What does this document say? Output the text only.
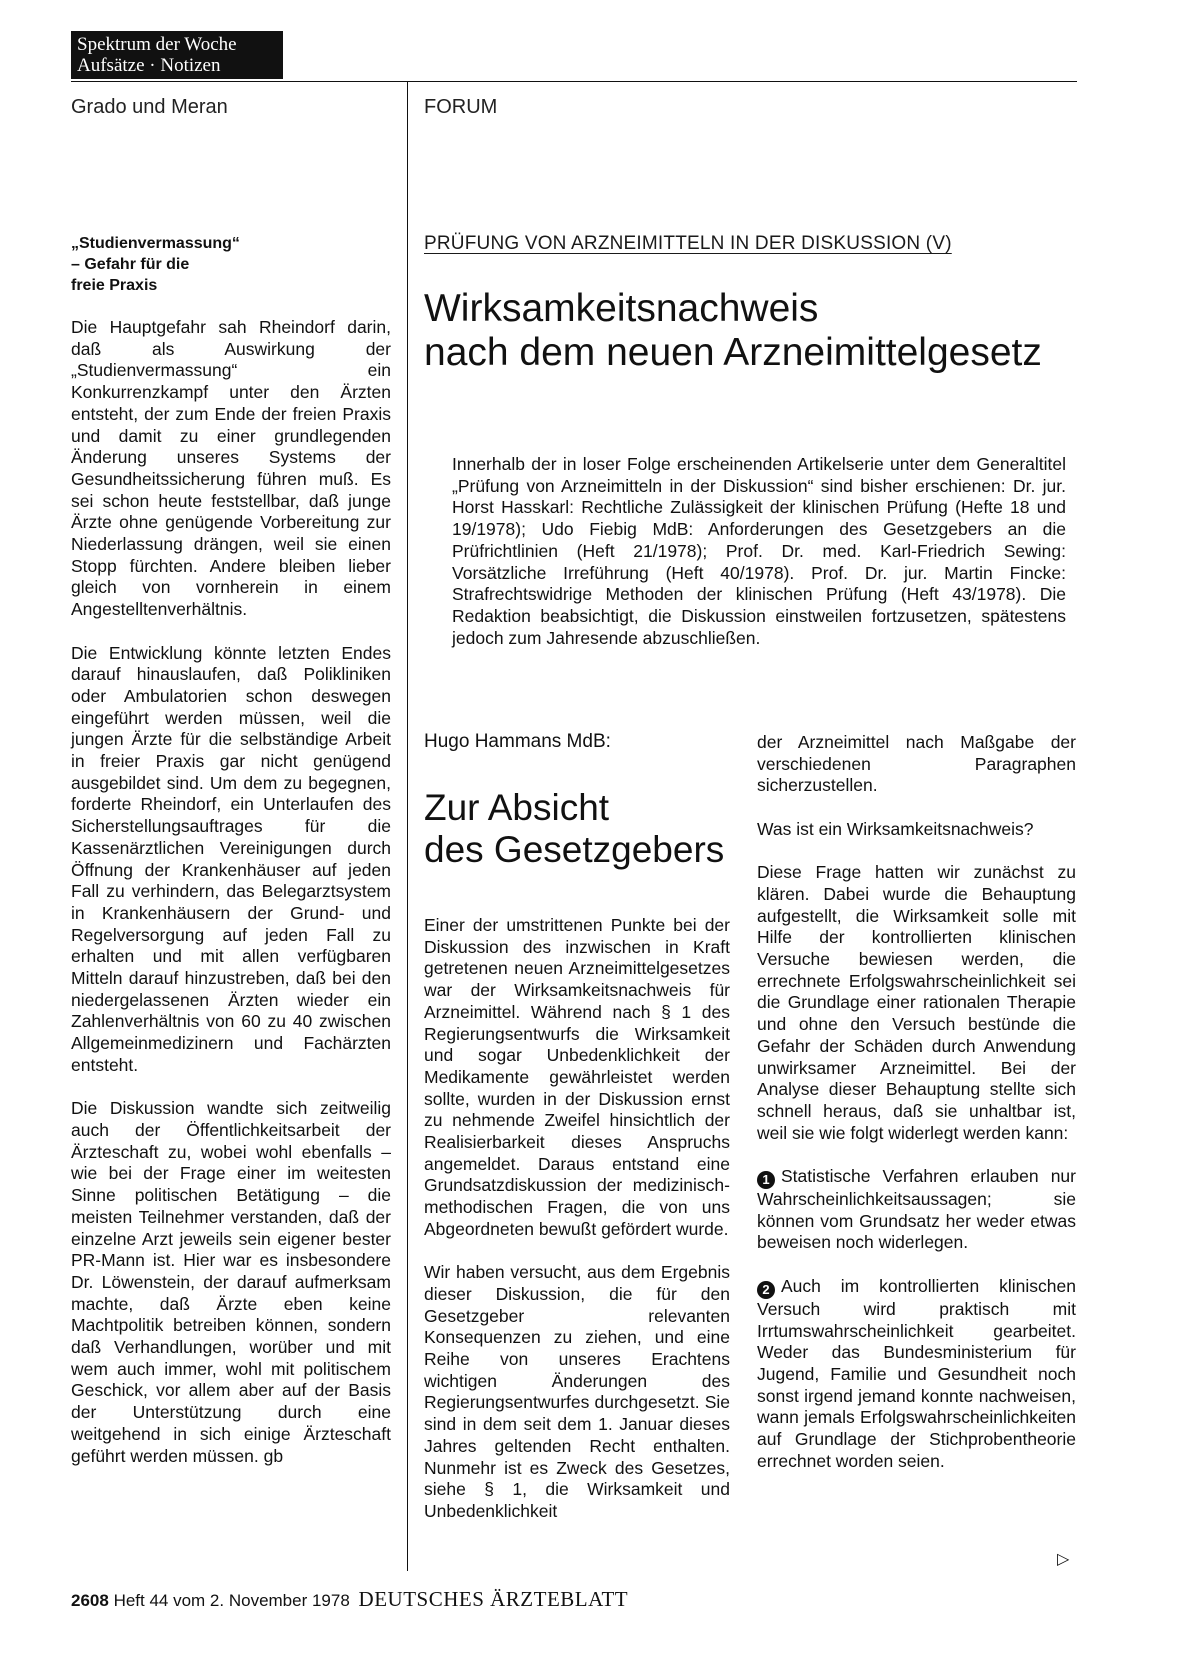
Spektrum der Woche
Aufsätze · Notizen
Grado und Meran	FORUM
„Studienvermassung“
– Gefahr für die
freie Praxis

Die Hauptgefahr sah Rheindorf darin, daß als Auswirkung der „Studienvermassung“ ein Konkurrenzkampf unter den Ärzten entsteht, der zum Ende der freien Praxis und damit zu einer grundlegenden Änderung unseres Systems der Gesundheitssicherung führen muß. Es sei schon heute feststellbar, daß junge Ärzte ohne genügende Vorbereitung zur Niederlassung drängen, weil sie einen Stopp fürchten. Andere bleiben lieber gleich von vornherein in einem Angestelltenverhältnis.

Die Entwicklung könnte letzten Endes darauf hinauslaufen, daß Polikliniken oder Ambulatorien schon deswegen eingeführt werden müssen, weil die jungen Ärzte für die selbständige Arbeit in freier Praxis gar nicht genügend ausgebildet sind. Um dem zu begegnen, forderte Rheindorf, ein Unterlaufen des Sicherstellungsauftrages für die Kassenärztlichen Vereinigungen durch Öffnung der Krankenhäuser auf jeden Fall zu verhindern, das Belegarztsystem in Krankenhäusern der Grund- und Regelversorgung auf jeden Fall zu erhalten und mit allen verfügbaren Mitteln darauf hinzustreben, daß bei den niedergelassenen Ärzten wieder ein Zahlenverhältnis von 60 zu 40 zwischen Allgemeinmedizinern und Fachärzten entsteht.

Die Diskussion wandte sich zeitweilig auch der Öffentlichkeitsarbeit der Ärzteschaft zu, wobei wohl ebenfalls – wie bei der Frage einer im weitesten Sinne politischen Betätigung – die meisten Teilnehmer verstanden, daß der einzelne Arzt jeweils sein eigener bester PR-Mann ist. Hier war es insbesondere Dr. Löwenstein, der darauf aufmerksam machte, daß Ärzte eben keine Machtpolitik betreiben können, sondern daß Verhandlungen, worüber und mit wem auch immer, wohl mit politischem Geschick, vor allem aber auf der Basis der Unterstützung durch eine weitgehend in sich einige Ärzteschaft geführt werden müssen. gb

PRÜFUNG VON ARZNEIMITTELN IN DER DISKUSSION (V)
Wirksamkeitsnachweis
nach dem neuen Arzneimittelgesetz
Innerhalb der in loser Folge erscheinenden Artikelserie unter dem Generaltitel „Prüfung von Arzneimitteln in der Diskussion“ sind bisher erschienen: Dr. jur. Horst Hasskarl: Rechtliche Zulässigkeit der klinischen Prüfung (Hefte 18 und 19/1978); Udo Fiebig MdB: Anforderungen des Gesetzgebers an die Prüfrichtlinien (Heft 21/1978); Prof. Dr. med. Karl-Friedrich Sewing: Vorsätzliche Irreführung (Heft 40/1978). Prof. Dr. jur. Martin Fincke: Strafrechtswidrige Methoden der klinischen Prüfung (Heft 43/1978). Die Redaktion beabsichtigt, die Diskussion einstweilen fortzusetzen, spätestens jedoch zum Jahresende abzuschließen.
Hugo Hammans MdB:
Zur Absicht
des Gesetzgebers

Einer der umstrittenen Punkte bei der Diskussion des inzwischen in Kraft getretenen neuen Arzneimittelgesetzes war der Wirksamkeitsnachweis für Arzneimittel. Während nach § 1 des Regierungsentwurfs die Wirksamkeit und sogar Unbedenklichkeit der Medikamente gewährleistet werden sollte, wurden in der Diskussion ernst zu nehmende Zweifel hinsichtlich der Realisierbarkeit dieses Anspruchs angemeldet. Daraus entstand eine Grundsatzdiskussion der medizinisch-methodischen Fragen, die von uns Abgeordneten bewußt gefördert wurde.

Wir haben versucht, aus dem Ergebnis dieser Diskussion, die für den Gesetzgeber relevanten Konsequenzen zu ziehen, und eine Reihe von unseres Erachtens wichtigen Änderungen des Regierungsentwurfes durchgesetzt. Sie sind in dem seit dem 1. Januar dieses Jahres geltenden Recht enthalten. Nunmehr ist es Zweck des Gesetzes, siehe § 1, die Wirksamkeit und Unbedenklichkeit

der Arzneimittel nach Maßgabe der verschiedenen Paragraphen sicherzustellen.

Was ist ein Wirksamkeitsnachweis?

Diese Frage hatten wir zunächst zu klären. Dabei wurde die Behauptung aufgestellt, die Wirksamkeit solle mit Hilfe der kontrollierten klinischen Versuche bewiesen werden, die errechnete Erfolgswahrscheinlichkeit sei die Grundlage einer rationalen Therapie und ohne den Versuch bestünde die Gefahr der Schäden durch Anwendung unwirksamer Arzneimittel. Bei der Analyse dieser Behauptung stellte sich schnell heraus, daß sie unhaltbar ist, weil sie wie folgt widerlegt werden kann:

1 Statistische Verfahren erlauben nur Wahrscheinlichkeitsaussagen; sie können vom Grundsatz her weder etwas beweisen noch widerlegen.

2 Auch im kontrollierten klinischen Versuch wird praktisch mit Irrtumswahrscheinlichkeit gearbeitet. Weder das Bundesministerium für Jugend, Familie und Gesundheit noch sonst irgend jemand konnte nachweisen, wann jemals Erfolgswahrscheinlichkeiten auf Grundlage der Stichprobentheorie errechnet worden seien.

▷
2608 Heft 44 vom 2. November 1978 DEUTSCHES ÄRZTEBLATT
